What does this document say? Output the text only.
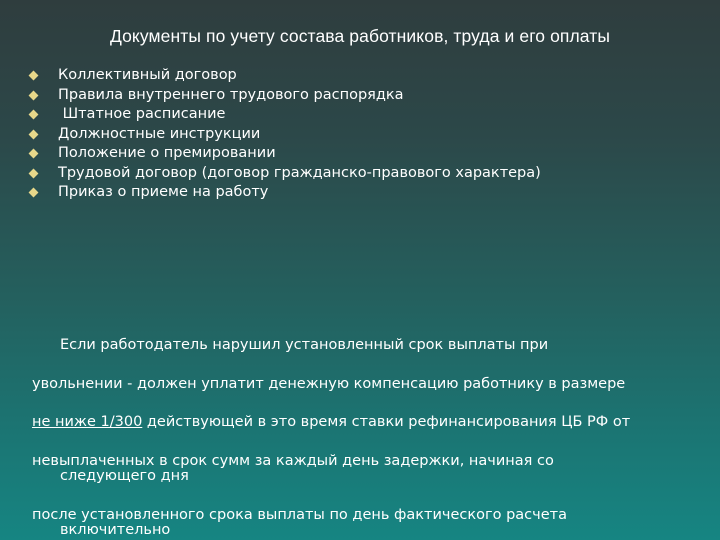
Документы по учету состава работников, труда и его оплаты
Коллективный договор
Правила внутреннего трудового распорядка
Штатное расписание
Должностные инструкции
Положение о премировании
Трудовой договор (договор гражданско-правового характера)
Приказ о приеме на работу
Если работодатель нарушил установленный срок выплаты при
увольнении - должен уплатит денежную компенсацию работнику в размере
не ниже 1/300 действующей в это время ставки рефинансирования ЦБ РФ от
невыплаченных в срок сумм за каждый день задержки, начиная со
следующего дня
после установленного срока выплаты по день фактического расчета
включительно
